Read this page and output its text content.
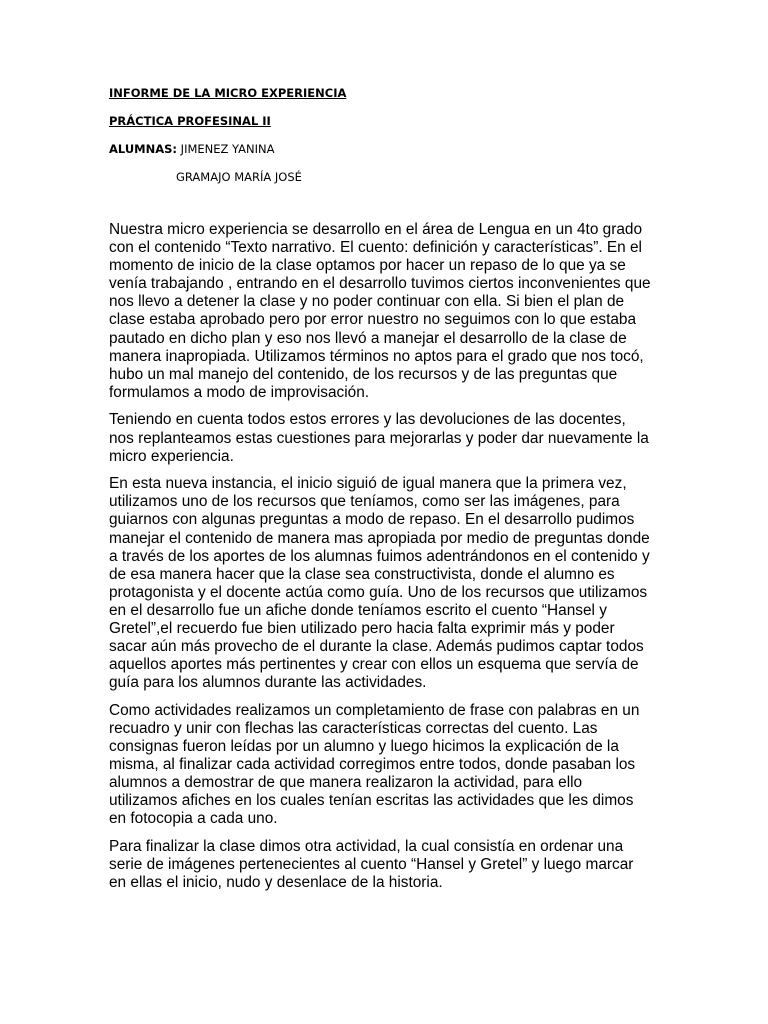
INFORME DE LA MICRO EXPERIENCIA
PRÁCTICA PROFESINAL II
ALUMNAS: JIMENEZ YANINA
GRAMAJO MARÍA JOSÉ

Nuestra micro experiencia se desarrollo en el área de Lengua en un 4to grado
con el contenido “Texto narrativo. El cuento: definición y características”. En el
momento de inicio de la clase optamos por hacer un repaso de lo que ya se
venía trabajando , entrando en el desarrollo tuvimos ciertos inconvenientes que
nos llevo a detener la clase y no poder continuar con ella. Si bien el plan de
clase estaba aprobado pero por error nuestro no seguimos con lo que estaba
pautado en dicho plan y eso nos llevó a manejar el desarrollo de la clase de
manera inapropiada. Utilizamos términos no aptos para el grado que nos tocó,
hubo un mal manejo del contenido, de los recursos y de las preguntas que
formulamos a modo de improvisación.

Teniendo en cuenta todos estos errores y las devoluciones de las docentes,
nos replanteamos estas cuestiones para mejorarlas y poder dar nuevamente la
micro experiencia.

En esta nueva instancia, el inicio siguió de igual manera que la primera vez,
utilizamos uno de los recursos que teníamos, como ser las imágenes, para
guiarnos con algunas preguntas a modo de repaso. En el desarrollo pudimos
manejar el contenido de manera mas apropiada por medio de preguntas donde
a través de los aportes de los alumnas fuimos adentrándonos en el contenido y
de esa manera hacer que la clase sea constructivista, donde el alumno es
protagonista y el docente actúa como guía. Uno de los recursos que utilizamos
en el desarrollo fue un afiche donde teníamos escrito el cuento “Hansel y
Gretel”,el recuerdo fue bien utilizado pero hacia falta exprimir más y poder
sacar aún más provecho de el durante la clase. Además pudimos captar todos
aquellos aportes más pertinentes y crear con ellos un esquema que servía de
guía para los alumnos durante las actividades.

Como actividades realizamos un completamiento de frase con palabras en un
recuadro y unir con flechas las características correctas del cuento. Las
consignas fueron leídas por un alumno y luego hicimos la explicación de la
misma, al finalizar cada actividad corregimos entre todos, donde pasaban los
alumnos a demostrar de que manera realizaron la actividad, para ello
utilizamos afiches en los cuales tenían escritas las actividades que les dimos
en fotocopia a cada uno.

Para finalizar la clase dimos otra actividad, la cual consistía en ordenar una
serie de imágenes pertenecientes al cuento “Hansel y Gretel” y luego marcar
en ellas el inicio, nudo y desenlace de la historia.
